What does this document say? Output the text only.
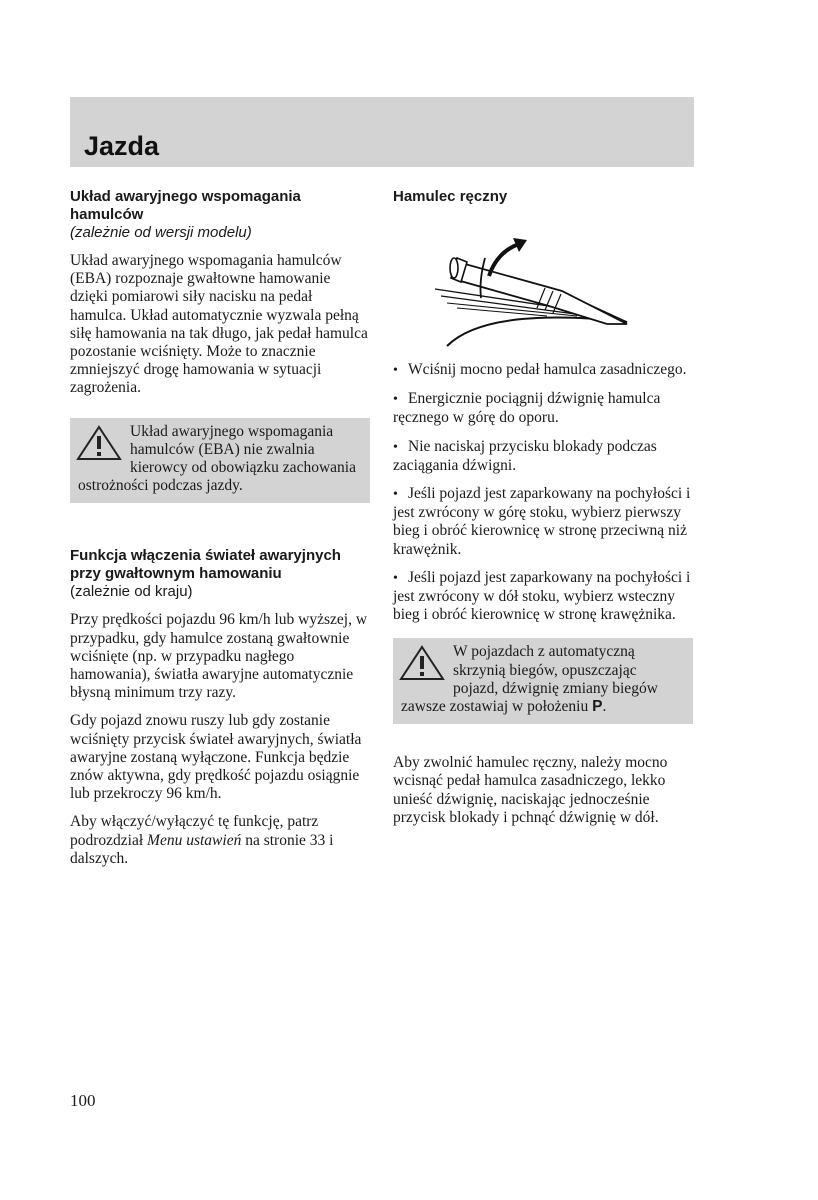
Jazda

Układ awaryjnego wspomagania hamulców

(zależnie od wersji modelu)

Układ awaryjnego wspomagania hamulców (EBA) rozpoznaje gwałtowne hamowanie dzięki pomiarowi siły nacisku na pedał hamulca. Układ automatycznie wyzwala pełną siłę hamowania na tak długo, jak pedał hamulca pozostanie wciśnięty. Może to znacznie zmniejszyć drogę hamowania w sytuacji zagrożenia.

Układ awaryjnego wspomagania hamulców (EBA) nie zwalnia kierowcy od obowiązku zachowania ostrożności podczas jazdy.

Funkcja włączenia świateł awaryjnych przy gwałtownym hamowaniu

(zależnie od kraju)

Przy prędkości pojazdu 96 km/h lub wyższej, w przypadku, gdy hamulce zostaną gwałtownie wciśnięte (np. w przypadku nagłego hamowania), światła awaryjne automatycznie błysną minimum trzy razy.

Gdy pojazd znowu ruszy lub gdy zostanie wciśnięty przycisk świateł awaryjnych, światła awaryjne zostaną wyłączone. Funkcja będzie znów aktywna, gdy prędkość pojazdu osiągnie lub przekroczy 96 km/h.

Aby włączyć/wyłączyć tę funkcję, patrz podrozdział Menu ustawień na stronie 33 i dalszych.

Hamulec ręczny

• Wciśnij mocno pedał hamulca zasadniczego.
• Energicznie pociągnij dźwignię hamulca ręcznego w górę do oporu.
• Nie naciskaj przycisku blokady podczas zaciągania dźwigni.
• Jeśli pojazd jest zaparkowany na pochyłości i jest zwrócony w górę stoku, wybierz pierwszy bieg i obróć kierownicę w stronę przeciwną niż krawężnik.
• Jeśli pojazd jest zaparkowany na pochyłości i jest zwrócony w dół stoku, wybierz wsteczny bieg i obróć kierownicę w stronę krawężnika.
W pojazdach z automatyczną skrzynią biegów, opuszczając pojazd, dźwignię zmiany biegów zawsze zostawiaj w położeniu P.

Aby zwolnić hamulec ręczny, należy mocno wcisnąć pedał hamulca zasadniczego, lekko unieść dźwignię, naciskając jednocześnie przycisk blokady i pchnąć dźwignię w dół.

100
